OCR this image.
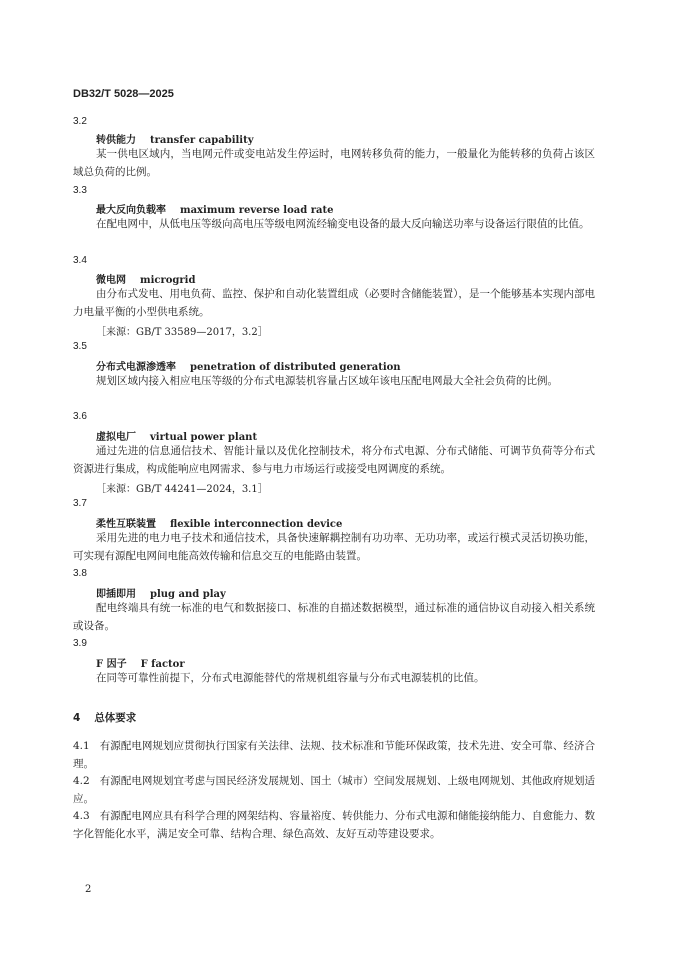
DB32/T 5028—2025
3.2
转供能力 transfer capability
某一供电区域内，当电网元件或变电站发生停运时，电网转移负荷的能力，一般量化为能转移的负荷占该区域总负荷的比例。
3.3
最大反向负载率 maximum reverse load rate
在配电网中，从低电压等级向高电压等级电网流经输变电设备的最大反向输送功率与设备运行限值的比值。
3.4
微电网 microgrid
由分布式发电、用电负荷、监控、保护和自动化装置组成（必要时含储能装置），是一个能够基本实现内部电力电量平衡的小型供电系统。
［来源：GB/T 33589—2017，3.2］
3.5
分布式电源渗透率 penetration of distributed generation
规划区域内接入相应电压等级的分布式电源装机容量占区域年该电压配电网最大全社会负荷的比例。
3.6
虚拟电厂 virtual power plant
通过先进的信息通信技术、智能计量以及优化控制技术，将分布式电源、分布式储能、可调节负荷等分布式资源进行集成，构成能响应电网需求、参与电力市场运行或接受电网调度的系统。
［来源：GB/T 44241—2024，3.1］
3.7
柔性互联装置 flexible interconnection device
采用先进的电力电子技术和通信技术，具备快速解耦控制有功功率、无功功率，或运行模式灵活切换功能，可实现有源配电网间电能高效传输和信息交互的电能路由装置。
3.8
即插即用 plug and play
配电终端具有统一标准的电气和数据接口、标准的自描述数据模型，通过标准的通信协议自动接入相关系统或设备。
3.9
F 因子 F factor
在同等可靠性前提下，分布式电源能替代的常规机组容量与分布式电源装机的比值。
4 总体要求
4.1 有源配电网规划应贯彻执行国家有关法律、法规、技术标准和节能环保政策，技术先进、安全可靠、经济合理。
4.2 有源配电网规划宜考虑与国民经济发展规划、国土（城市）空间发展规划、上级电网规划、其他政府规划适应。
4.3 有源配电网应具有科学合理的网架结构、容量裕度、转供能力、分布式电源和储能接纳能力、自愈能力、数字化智能化水平，满足安全可靠、结构合理、绿色高效、友好互动等建设要求。
2
